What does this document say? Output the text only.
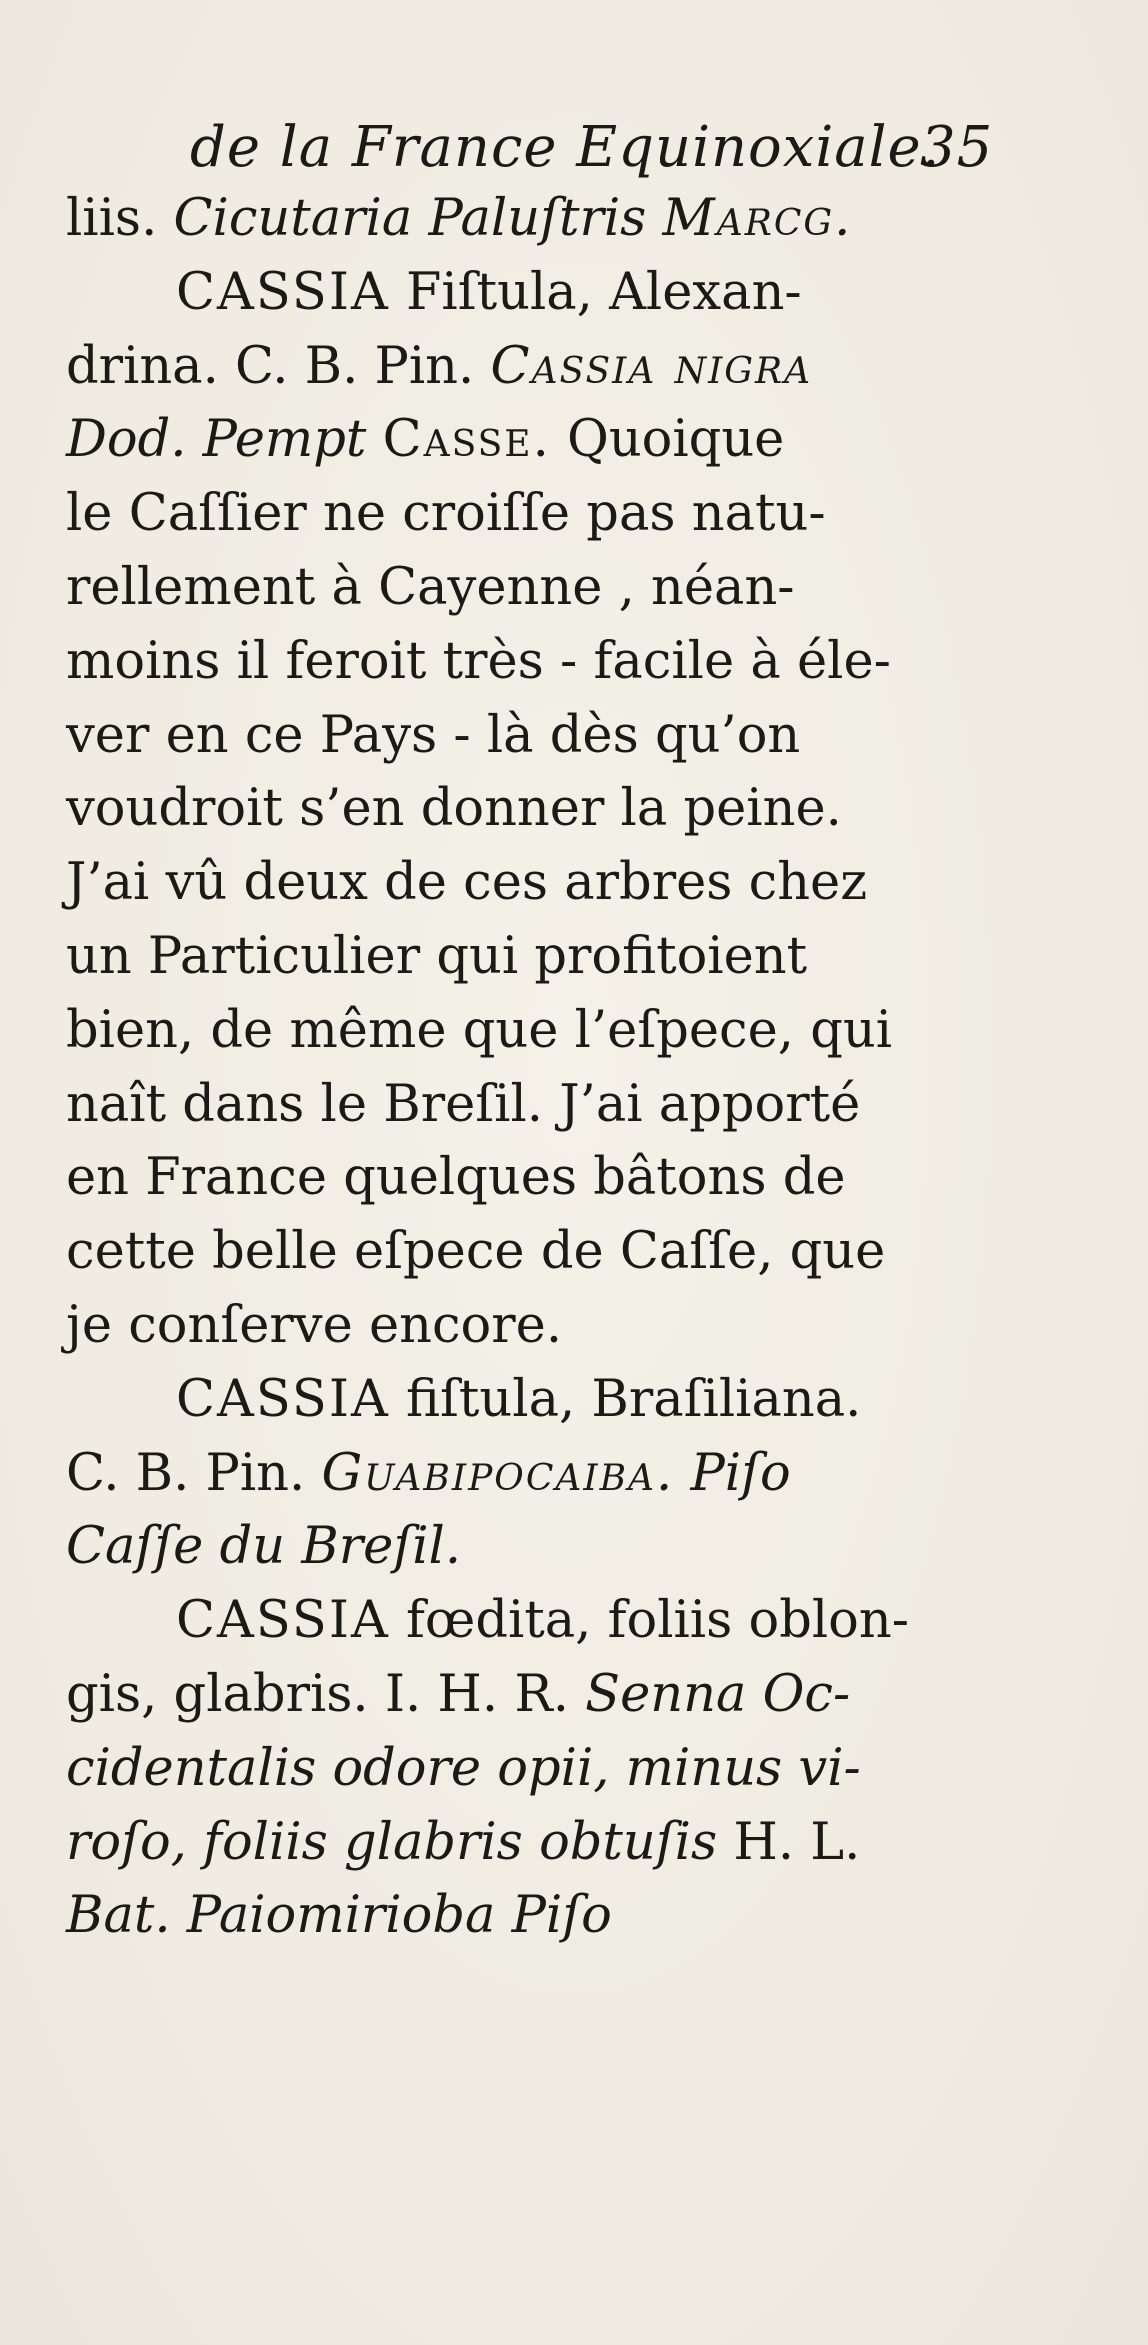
de la France Equinoxiale.
35
liis. Cicutaria Paluſtris Marcg.
CASSIA Fiſtula, Alexan-
drina. C. B. Pin. Cassia nigra
Dod. Pempt Casse. Quoique
le Caſſier ne croiſſe pas natu-
rellement à Cayenne , néan-
moins il feroit très - facile à éle-
ver en ce Pays - là dès qu’on
voudroit s’en donner la peine.
J’ai vû deux de ces arbres chez
un Particulier qui profitoient
bien, de même que l’eſpece, qui
naît dans le Breſil. J’ai apporté
en France quelques bâtons de
cette belle eſpece de Caſſe, que
je conſerve encore.
CASSIA fiſtula, Braſiliana.
C. B. Pin. Guabipocaiba. Piſo
Caſſe du Breſil.
CASSIA fœdita, foliis oblon-
gis, glabris. I. H. R. Senna Oc-
cidentalis odore opii, minus vi-
roſo, foliis glabris obtuſis H. L.
Bat. Paiomirioba Piſo
